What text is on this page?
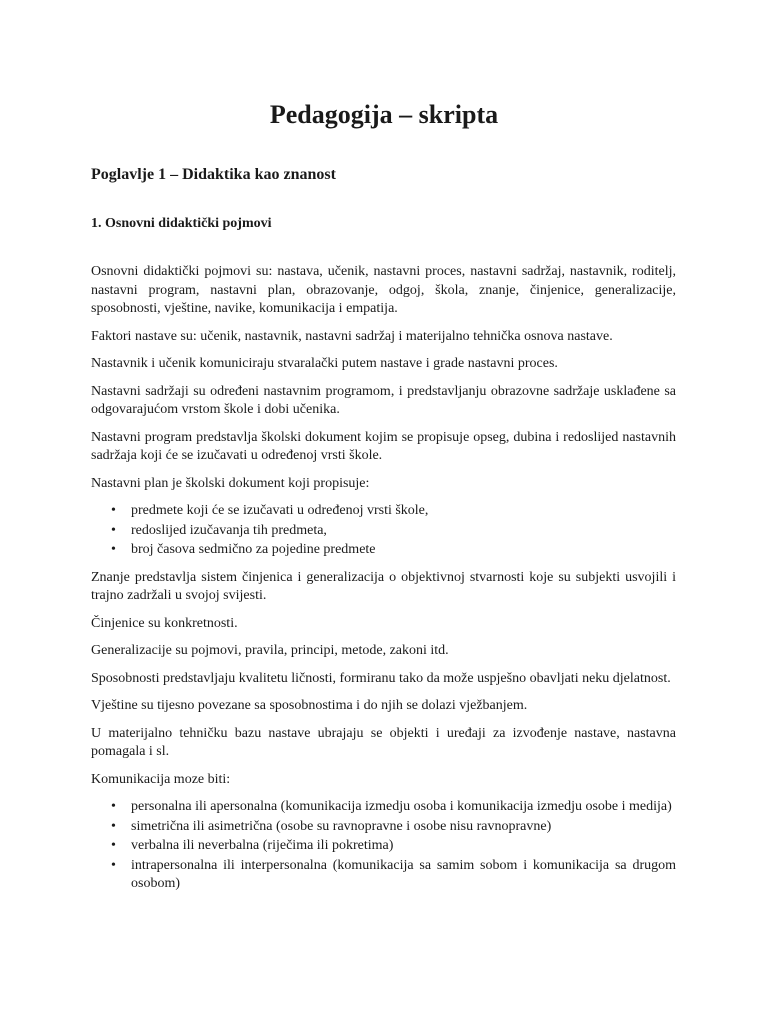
Pedagogija – skripta
Poglavlje 1 – Didaktika kao znanost
1. Osnovni didaktički pojmovi

Osnovni didaktički pojmovi su: nastava, učenik, nastavni proces, nastavni sadržaj, nastavnik, roditelj, nastavni program, nastavni plan, obrazovanje, odgoj, škola, znanje, činjenice, generalizacije, sposobnosti, vještine, navike, komunikacija i empatija.

Faktori nastave su: učenik, nastavnik, nastavni sadržaj i materijalno tehnička osnova nastave.

Nastavnik i učenik komuniciraju stvaralački putem nastave i grade nastavni proces.

Nastavni sadržaji su određeni nastavnim programom, i predstavljanju obrazovne sadržaje usklađene sa odgovarajućom vrstom škole i dobi učenika.

Nastavni program predstavlja školski dokument kojim se propisuje opseg, dubina i redoslijed nastavnih sadržaja koji će se izučavati u određenoj vrsti škole.

Nastavni plan je školski dokument koji propisuje:

• predmete koji će se izučavati u određenoj vrsti škole,
• redoslijed izučavanja tih predmeta,
• broj časova sedmično za pojedine predmete

Znanje predstavlja sistem činjenica i generalizacija o objektivnoj stvarnosti koje su subjekti usvojili i trajno zadržali u svojoj svijesti.

Činjenice su konkretnosti.

Generalizacije su pojmovi, pravila, principi, metode, zakoni itd.

Sposobnosti predstavljaju kvalitetu ličnosti, formiranu tako da može uspješno obavljati neku djelatnost.

Vještine su tijesno povezane sa sposobnostima i do njih se dolazi vježbanjem.

U materijalno tehničku bazu nastave ubrajaju se objekti i uređaji za izvođenje nastave, nastavna pomagala i sl.

Komunikacija moze biti:

• personalna ili apersonalna (komunikacija izmedju osoba i komunikacija izmedju osobe i medija)
• simetrična ili asimetrična (osobe su ravnopravne i osobe nisu ravnopravne)
• verbalna ili neverbalna (riječima ili pokretima)
• intrapersonalna ili interpersonalna (komunikacija sa samim sobom i komunikacija sa drugom osobom)
